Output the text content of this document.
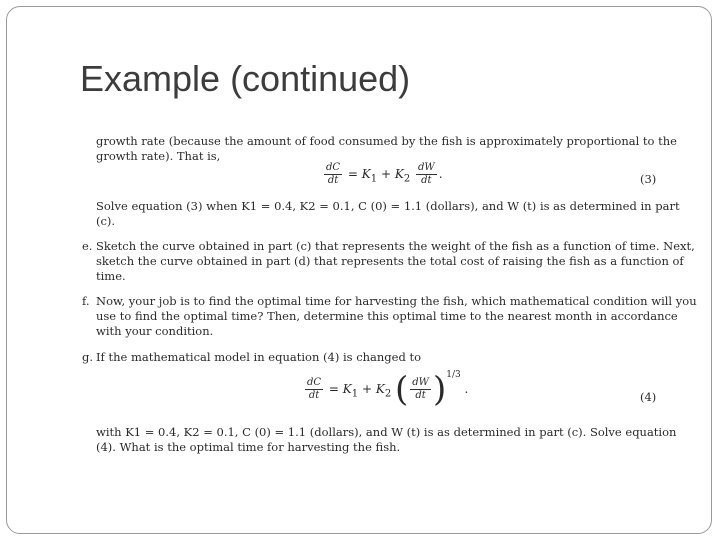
Example (continued)
growth rate (because the amount of food consumed by the fish is approximately proportional to the
growth rate). That is,
$\frac{dC}{dt} = K_1 + K_2 \frac{dW}{dt}$ .	(3)
Solve equation (3) when K1 = 0.4, K2 = 0.1, C (0) = 1.1 (dollars), and W (t) is as determined in part
(c).
e. Sketch the curve obtained in part (c) that represents the weight of the fish as a function of time. Next,
sketch the curve obtained in part (d) that represents the total cost of raising the fish as a function of
time.
f. Now, your job is to find the optimal time for harvesting the fish, which mathematical condition will you
use to find the optimal time? Then, determine this optimal time to the nearest month in accordance
with your condition.
g. If the mathematical model in equation (4) is changed to
$\frac{dC}{dt} = K_1 + K_2$ ( $\frac{dW}{dt} )^{1/3}$ .
(4)
with K1 = 0.4, K2 = 0.1, C (0) = 1.1 (dollars), and W (t) is as determined in part (c). Solve equation
(4). What is the optimal time for harvesting the fish.
